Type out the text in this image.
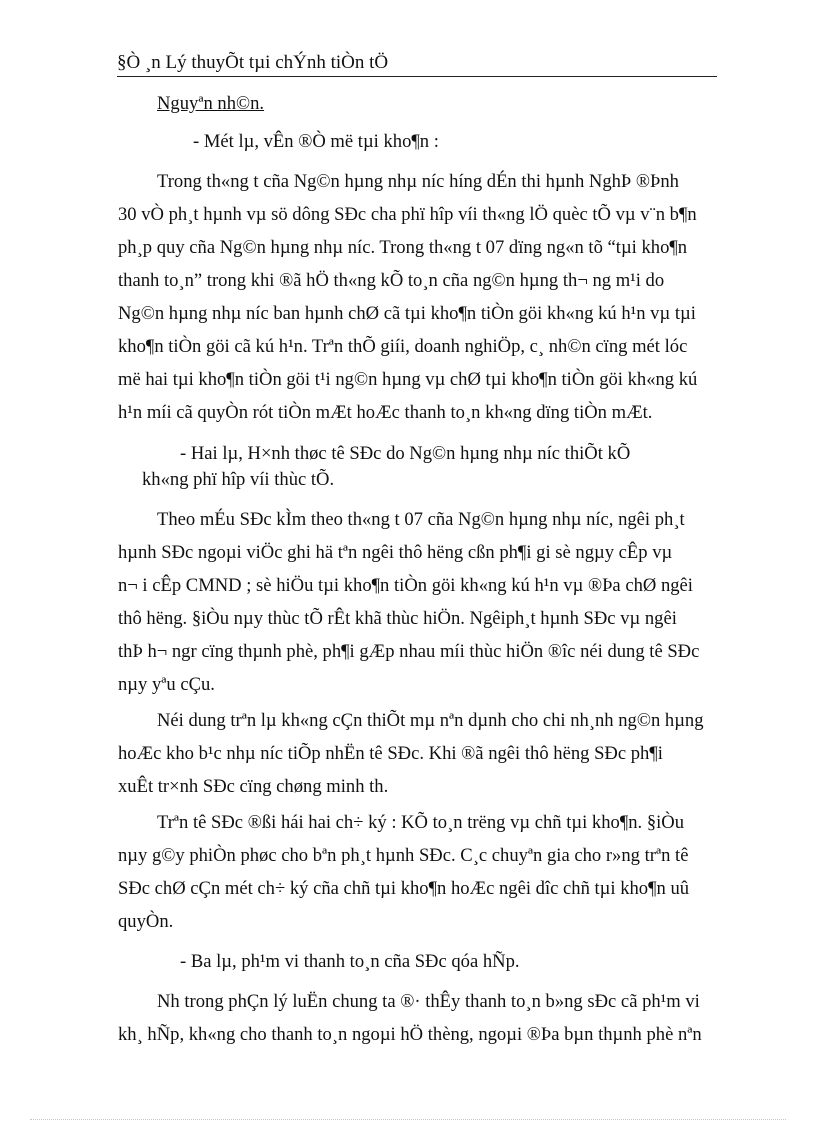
§Ò ¸n Lý thuyÕt tµi chÝnh tiÒn tÖ
Nguyªn nh©n.
- Mét lµ, vÊn ®Ò më tµi kho¶n :
Trong th«ng t cña Ng©n hµng nhµ níc híng dÉn thi hµnh NghÞ ®Þnh
30 vÒ ph¸t hµnh vµ sö dông SÐc cha phï hîp víi th«ng lÖ quèc tÕ vµ v¨n b¶n
ph¸p quy cña Ng©n hµng nhµ níc. Trong th«ng t 07 dïng ng«n tõ “tµi kho¶n
thanh to¸n” trong khi ®ã hÖ th«ng kÕ to¸n cña ng©n hµng th¬ ng m¹i do
Ng©n hµng nhµ níc ban hµnh chØ cã tµi kho¶n tiÒn göi kh«ng kú h¹n vµ tµi
kho¶n tiÒn göi cã kú h¹n. Trªn thÕ giíi, doanh nghiÖp, c¸ nh©n cïng mét lóc
më hai tµi kho¶n tiÒn göi t¹i ng©n hµng vµ chØ tµi kho¶n tiÒn göi kh«ng kú
h¹n míi cã quyÒn rót tiÒn mÆt hoÆc thanh to¸n kh«ng dïng tiÒn mÆt.
- Hai lµ, H×nh thøc tê SÐc do Ng©n hµng nhµ níc thiÕt kÕ
kh«ng phï hîp víi thùc tÕ.
Theo mÉu SÐc kÌm theo th«ng t 07 cña Ng©n hµng nhµ níc, ngêi ph¸t
hµnh SÐc ngoµi viÖc ghi hä tªn ngêi thô hëng cßn ph¶i gi sè ngµy cÊp vµ
n¬ i cÊp CMND ; sè hiÖu tµi kho¶n tiÒn göi kh«ng kú h¹n vµ ®Þa chØ ngêi
thô hëng. §iÒu nµy thùc tÕ rÊt khã thùc hiÖn. Ngêiph¸t hµnh SÐc vµ ngêi
thÞ h¬ ngr cïng thµnh phè, ph¶i gÆp nhau míi thùc hiÖn ®îc néi dung tê SÐc
nµy yªu cÇu.
Néi dung trªn lµ kh«ng cÇn thiÕt mµ nªn dµnh cho chi nh¸nh ng©n hµng
hoÆc kho b¹c nhµ níc tiÕp nhËn tê SÐc. Khi ®ã ngêi thô hëng SÐc ph¶i
xuÊt tr×nh SÐc cïng chøng minh th.
Trªn tê SÐc ®ßi hái hai ch÷ ký : KÕ to¸n trëng vµ chñ tµi kho¶n. §iÒu
nµy g©y phiÒn phøc cho bªn ph¸t hµnh SÐc. C¸c chuyªn gia cho r»ng trªn tê
SÐc chØ cÇn mét ch÷ ký cña chñ tµi kho¶n hoÆc ngêi dîc chñ tµi kho¶n uû
quyÒn.
- Ba lµ, ph¹m vi thanh to¸n cña SÐc qóa hÑp.
Nh trong phÇn lý luËn chung ta ®· thÊy thanh to¸n b»ng sÐc cã ph¹m vi
kh¸ hÑp, kh«ng cho thanh to¸n ngoµi hÖ thèng, ngoµi ®Þa bµn thµnh phè nªn
